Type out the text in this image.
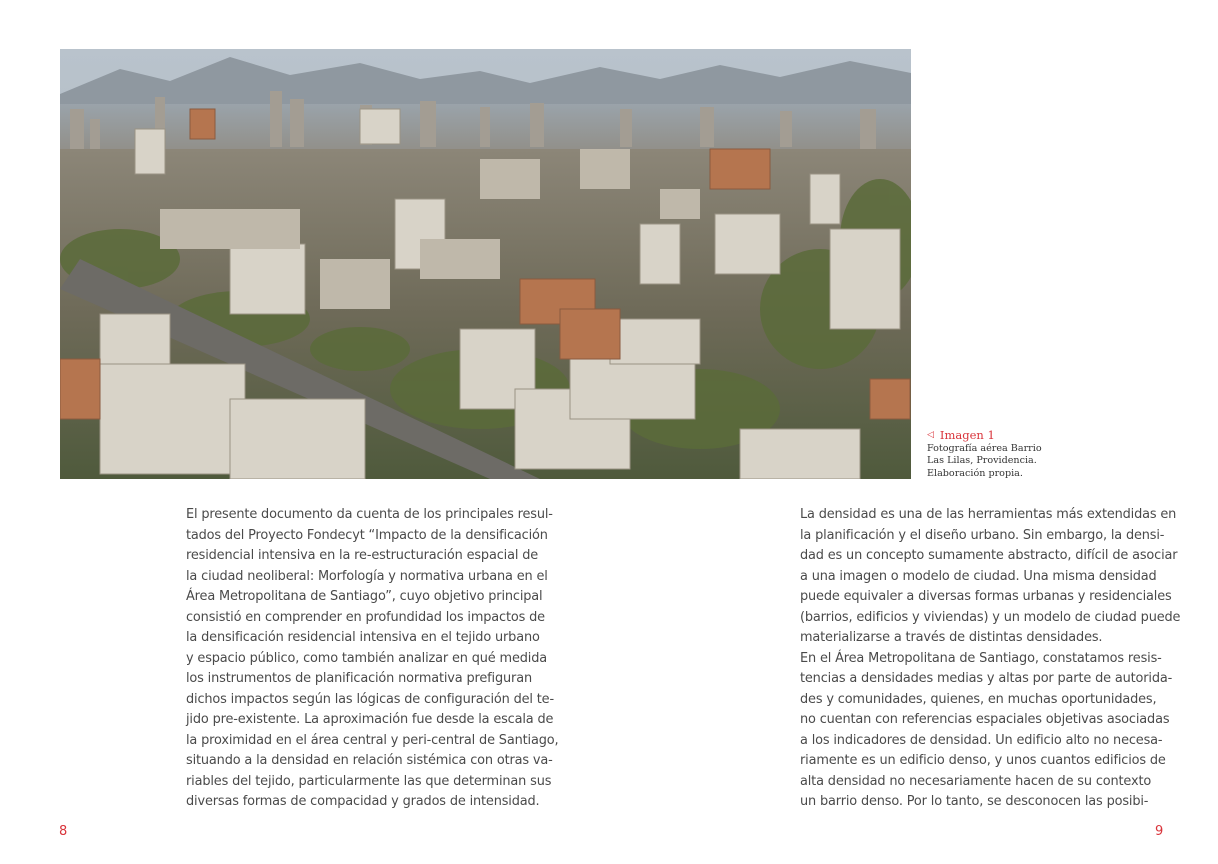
◁ Imagen 1
Fotografía aérea Barrio
Las Lilas, Providencia.
Elaboración propia.
El presente documento da cuenta de los principales resul-
tados del Proyecto Fondecyt “Impacto de la densificación
residencial intensiva en la re-estructuración espacial de
la ciudad neoliberal: Morfología y normativa urbana en el
Área Metropolitana de Santiago”, cuyo objetivo principal
consistió en comprender en profundidad los impactos de
la densificación residencial intensiva en el tejido urbano
y espacio público, como también analizar en qué medida
los instrumentos de planificación normativa prefiguran
dichos impactos según las lógicas de configuración del te-
jido pre-existente. La aproximación fue desde la escala de
la proximidad en el área central y peri-central de Santiago,
situando a la densidad en relación sistémica con otras va-
riables del tejido, particularmente las que determinan sus
diversas formas de compacidad y grados de intensidad.
La densidad es una de las herramientas más extendidas en
la planificación y el diseño urbano. Sin embargo, la densi-
dad es un concepto sumamente abstracto, difícil de asociar
a una imagen o modelo de ciudad. Una misma densidad
puede equivaler a diversas formas urbanas y residenciales
(barrios, edificios y viviendas) y un modelo de ciudad puede
materializarse a través de distintas densidades.
En el Área Metropolitana de Santiago, constatamos resis-
tencias a densidades medias y altas por parte de autorida-
des y comunidades, quienes, en muchas oportunidades,
no cuentan con referencias espaciales objetivas asociadas
a los indicadores de densidad. Un edificio alto no necesa-
riamente es un edificio denso, y unos cuantos edificios de
alta densidad no necesariamente hacen de su contexto
un barrio denso. Por lo tanto, se desconocen las posibi-
8	9
